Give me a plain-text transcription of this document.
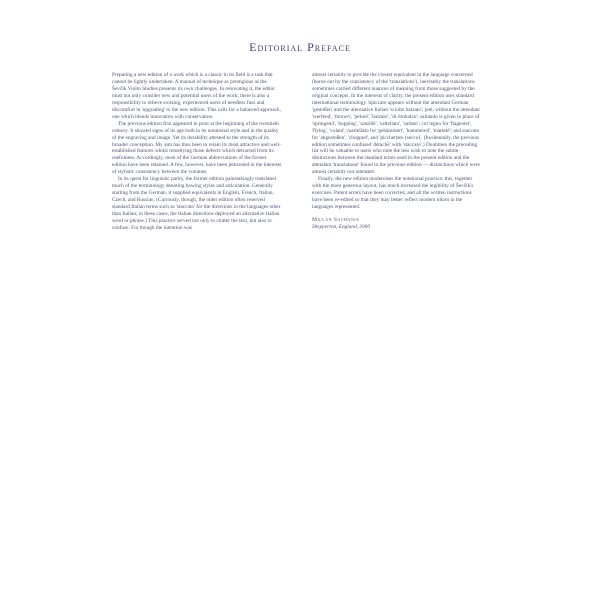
Editorial Preface

Preparing a new edition of a work which is a classic in its field is a task that cannot be lightly undertaken. A manual of technique as prestigious as the Ševčík Violin Studies presents its own challenges. In renovating it, the editor must not only consider new and potential users of the work; there is also a responsibility to relieve existing, experienced users of needless fuss and discomfort in 'upgrading' to the new edition. This calls for a balanced approach, one which blends innovation with conservation.

The previous edition first appeared in print at the beginning of the twentieth century. It showed signs of its age both in its notational style and in the quality of the engraving and image. Yet its durability attested to the strength of its broader conception. My aim has thus been to retain its most attractive and well-established features whilst remedying those defects which detracted from its usefulness. Accordingly, most of the German abbreviations of the former edition have been retained. A few, however, have been jettisoned in the interests of stylistic consistency between the volumes.

In its quest for linguistic parity, the former edition painstakingly translated much of the terminology denoting bowing styles and articulation. Generally starting from the German, it supplied equivalents in English, French, Italian, Czech, and Russian. (Curiously, though, the older edition often reserved standard Italian terms such as 'staccato' for the directions in the languages other than Italian; in these cases, the Italian directions deployed an alternative Italian word or phrase.) This practice served not only to clutter the text, but also to confuse. For though the intention was

almost certainly to provide the closest equivalent in the language concerned (borne out by the consistency of the 'translations'), inevitably the translations sometimes carried different nuances of meaning from those suggested by the original concepts. In the interests of clarity, the present edition uses standard international terminology. Spiccato appears without the attendant German 'gestoßen' and the alternative Italian 'sciolto balzato'; jeté, without the attendant 'werfend', 'thrown', 'jerked', 'balzato', 'di rimbalzo'; saltando is given in place of 'springend', 'hopping', 'sautillé', 'saltellato', 'saltato'; col legno for 'flageolet', 'flying', 'volant'; martellato for 'gehämmert', 'hammered', 'martelé'; and staccato for 'abgestoßen', 'chopped', and 'picchettato (secco)'. (Incidentally, the previous edition sometimes confused 'détaché' with 'staccato'.) Doubtless the preceding list will be valuable to users who note the less wish to note the subtle distinctions between the standard terms used in the present edition and the attendant 'translations' found in the previous edition — distinctions which were almost certainly not intended.

Finally, the new edition modernises the notational practice; this, together with the more generous layout, has much increased the legibility of Ševčík's exercises. Patent errors have been corrected, and all the written instructions have been re-edited so that they may better reflect modern idiom in the languages represented.

Millan Sachania
Shepperton, England, 2000
